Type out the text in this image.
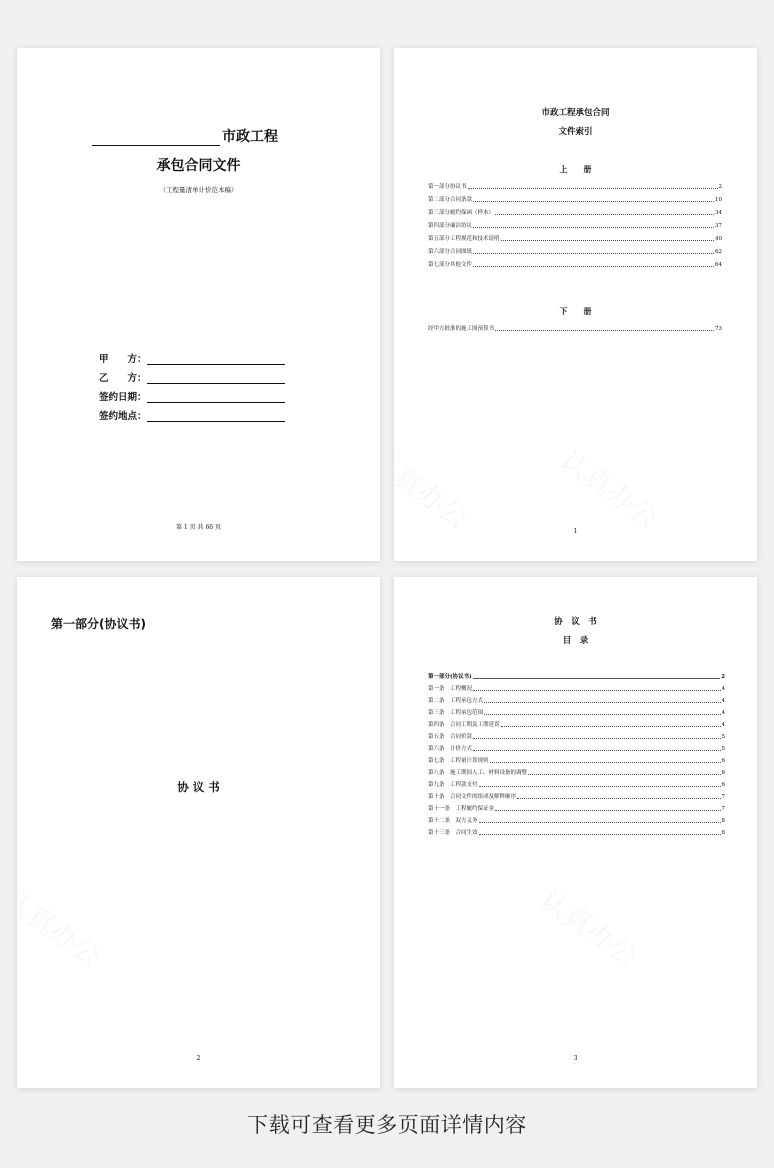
市政工程
承包合同文件
（工程量清单计价范本稿）
甲　　方：
乙　　方：
签约日期：
签约地点：
第 1 页 共 66 页
市政工程承包合同
文件索引
上　　册
第一部分协议书	2
第二部分合同条款	10
第三部分履约保函（样本）	34
第四部分廉洁协议	37
第五部分工程规范和技术说明	40
第六部分合同图纸	62
第七部分其他文件	64
下　　册
经甲方批准的施工图预算书	73
1
第一部分(协议书)
协 议 书
2
协　议　书
目　录
第一部分(协议书)	2
第一条　工程概况	4
第二条　工程承包方式	4
第三条　工程承包范围	4
第四条　合同工期及工期延误	4
第五条　合同价款	5
第六条　计价方式	5
第七条　工程量计算规则	6
第八条　施工期间人工、材料设备的调整	6
第九条　工程款支付	6
第十条　合同文件的组成及解释顺序	7
第十一条　工程履约保证金	7
第十二条　双方义务	8
第十三条　合同生效	8
3
下载可查看更多页面详情内容
